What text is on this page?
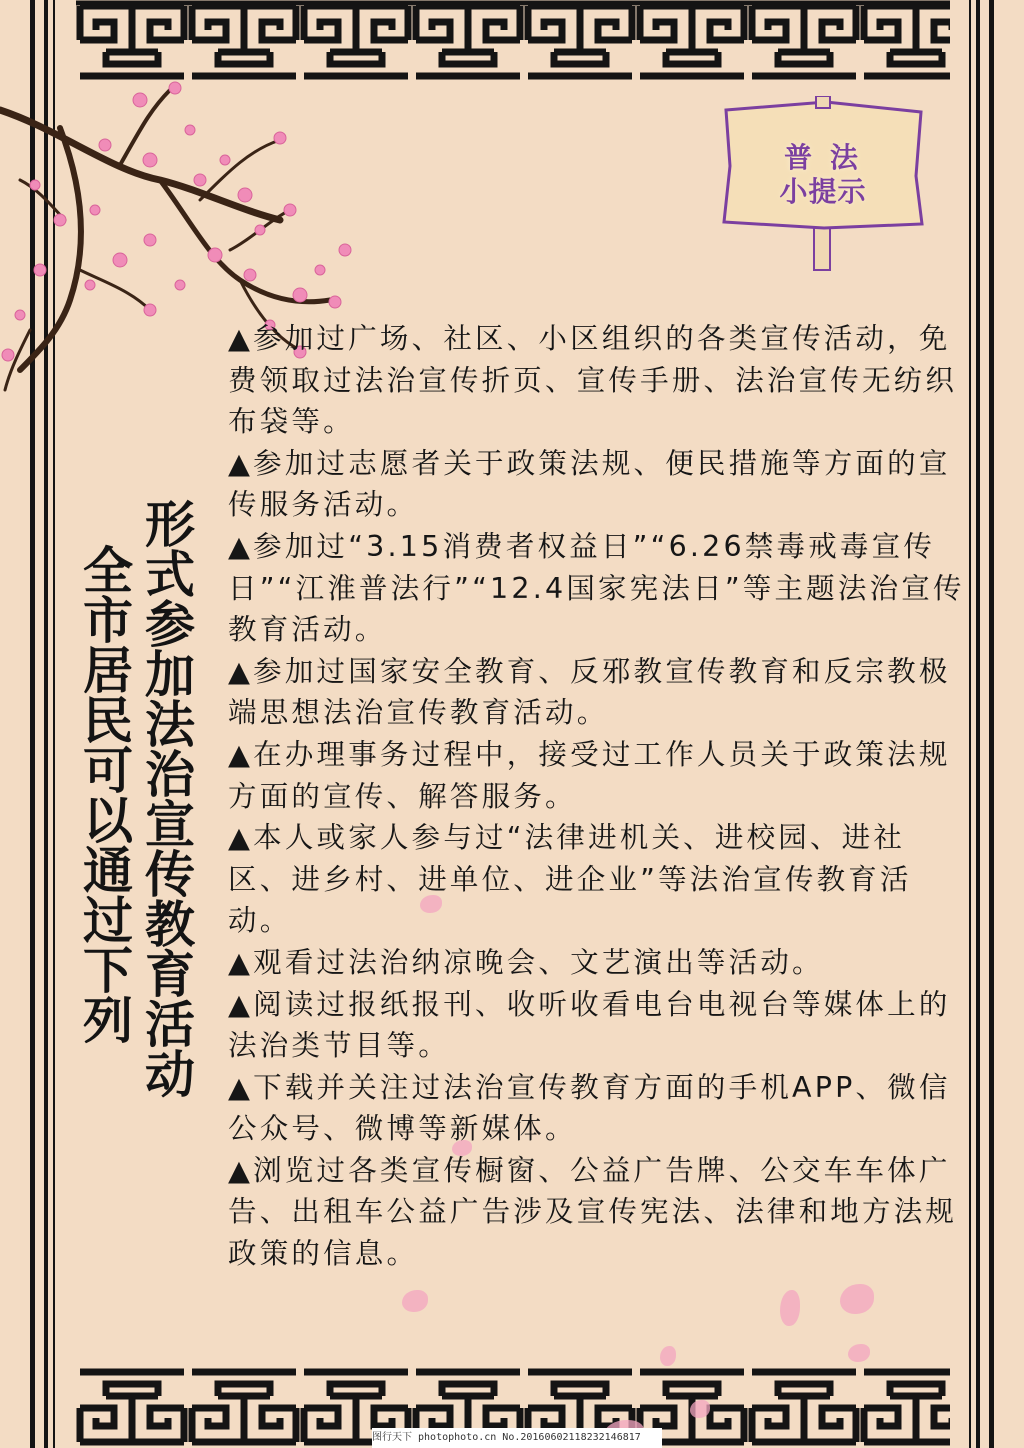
普 法
小提示
形式参加法治宣传教育活动
全市居民可以通过下列

▲参加过广场、社区、小区组织的各类宣传活动，免费领取过法治宣传折页、宣传手册、法治宣传无纺织布袋等。

▲参加过志愿者关于政策法规、便民措施等方面的宣传服务活动。

▲参加过“3.15消费者权益日”“6.26禁毒戒毒宣传日”“江淮普法行”“12.4国家宪法日”等主题法治宣传教育活动。

▲参加过国家安全教育、反邪教宣传教育和反宗教极端思想法治宣传教育活动。

▲在办理事务过程中，接受过工作人员关于政策法规方面的宣传、解答服务。

▲本人或家人参与过“法律进机关、进校园、进社区、进乡村、进单位、进企业”等法治宣传教育活动。

▲观看过法治纳凉晚会、文艺演出等活动。

▲阅读过报纸报刊、收听收看电台电视台等媒体上的法治类节目等。

▲下载并关注过法治宣传教育方面的手机APP、微信公众号、微博等新媒体。

▲浏览过各类宣传橱窗、公益广告牌、公交车车体广告、出租车公益广告涉及宣传宪法、法律和地方法规政策的信息。

图行天下 photophoto.cn No.20160602118232146817
